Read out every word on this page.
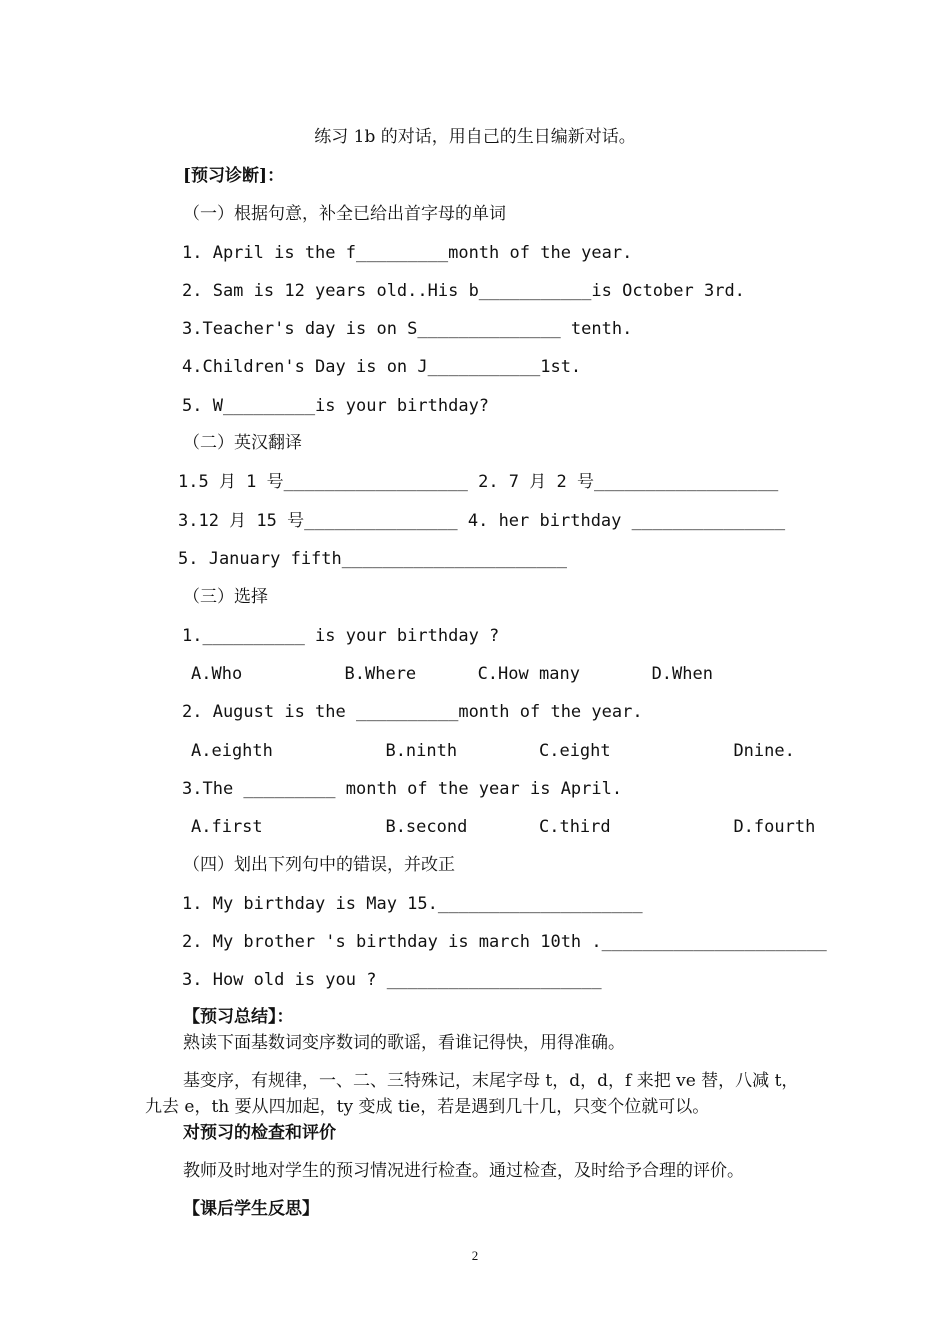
练习 1b 的对话，用自己的生日编新对话。
[预习诊断]：
（一）根据句意，补全已给出首字母的单词
1. April is the f_________month of the year.
2. Sam is 12 years old..His b___________is October 3rd.
3.Teacher's day is on S______________ tenth.
4.Children's Day is on J___________1st.
5. W_________is your birthday?
（二）英汉翻译
1.5 月 1 号__________________ 2. 7 月 2 号__________________
3.12 月 15 号_______________ 4. her birthday _______________
5. January fifth______________________
（三）选择
1.__________ is your birthday ?
A.Who          B.Where      C.How many       D.When
2. August is the __________month of the year.
A.eighth           B.ninth        C.eight            Dnine.
3.The _________ month of the year is April.
A.first            B.second       C.third            D.fourth
（四）划出下列句中的错误，并改正
1. My birthday is May 15.____________________
2. My brother 's birthday is march 10th .______________________
3. How old is you ? _____________________
【预习总结】：
熟读下面基数词变序数词的歌谣，看谁记得快，用得准确。
基变序，有规律，一、二、三特殊记，末尾字母 t，d，d，f 来把 ve 替，八减 t，
九去 e，th 要从四加起，ty 变成 tie，若是遇到几十几，只变个位就可以。
对预习的检查和评价
教师及时地对学生的预习情况进行检查。通过检查，及时给予合理的评价。
【课后学生反思】
2
